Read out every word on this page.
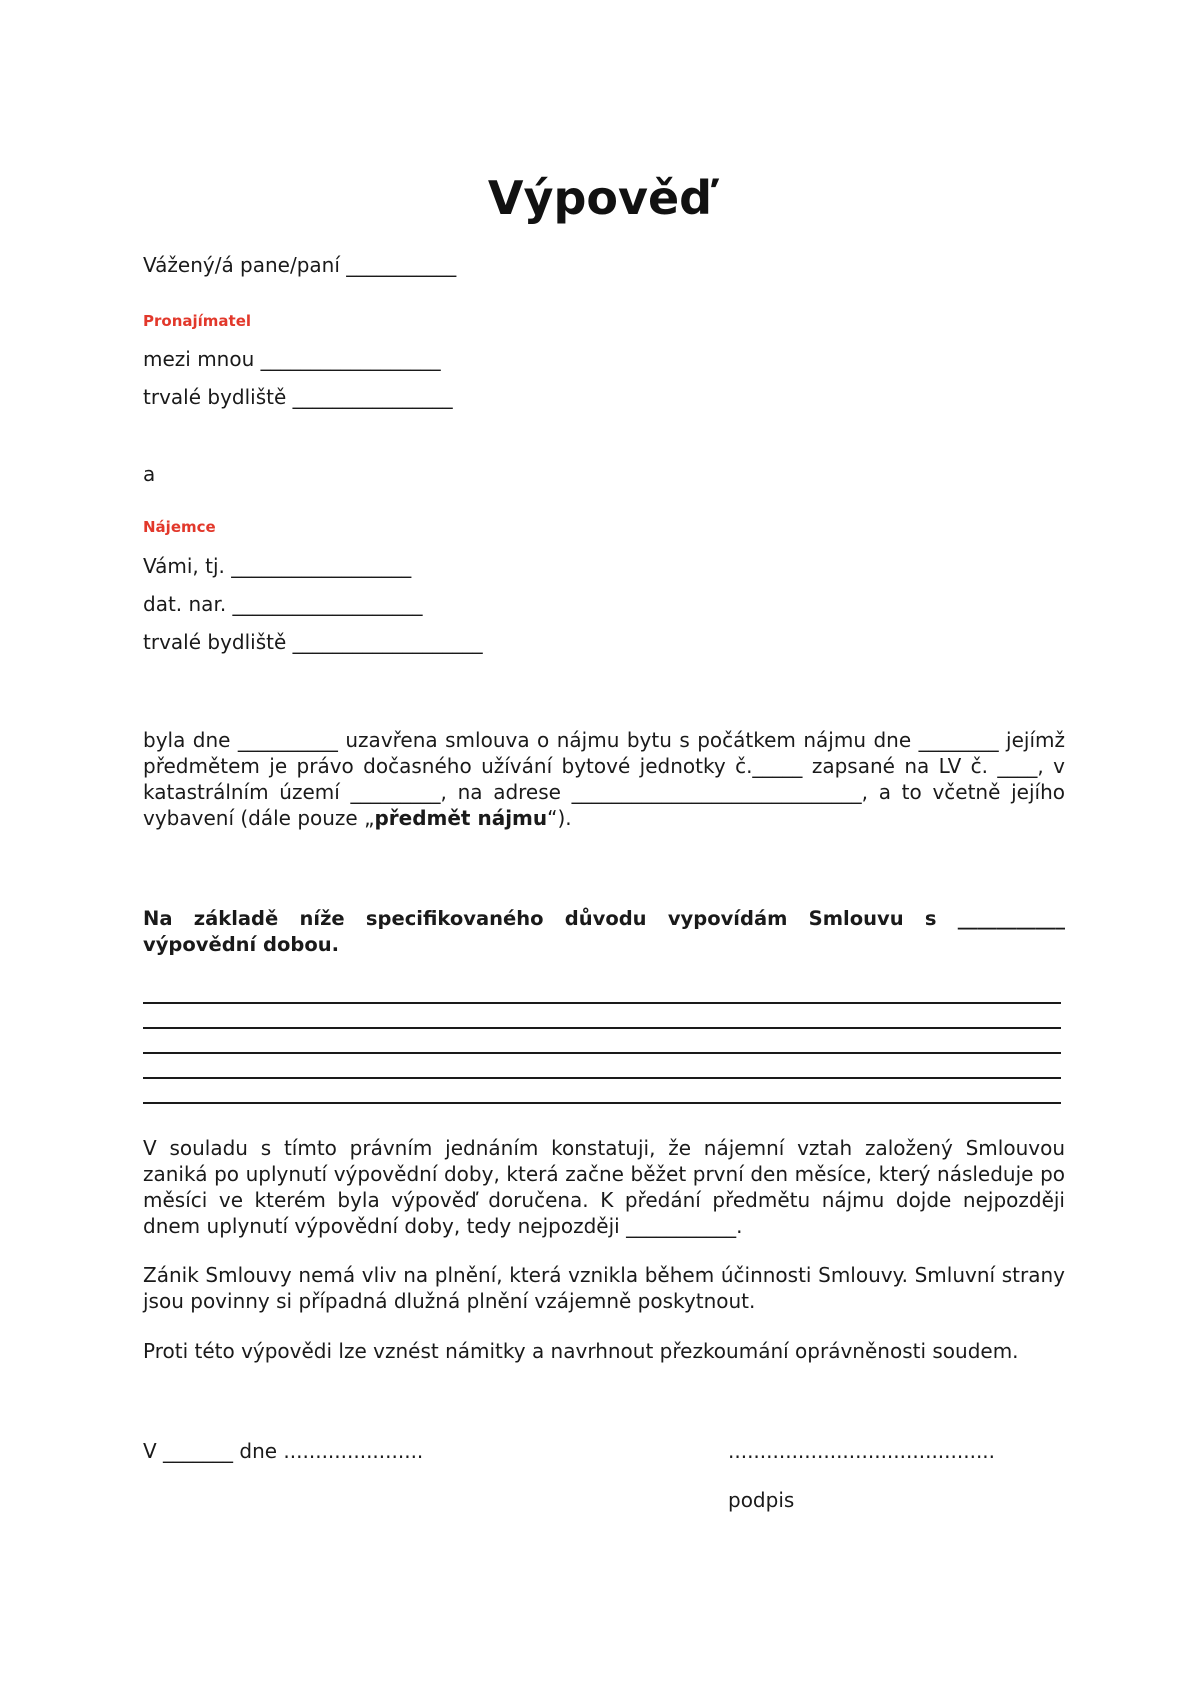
Výpověď
Vážený/á pane/paní ___________
Pronajímatel
mezi mnou __________________
trvalé bydliště ________________
a
Nájemce
Vámi, tj. __________________
dat. nar. ___________________
trvalé bydliště ___________________
byla dne __________ uzavřena smlouva o nájmu bytu s počátkem nájmu dne ________ jejímž předmětem je právo dočasného užívání bytové jednotky č._____ zapsané na LV č. ____, v katastrálním území _________, na adrese _____________________________, a to včetně jejího vybavení (dále pouze „předmět nájmu“).
Na základě níže specifikovaného důvodu vypovídám Smlouvu s ___________ výpovědní dobou.
V souladu s tímto právním jednáním konstatuji, že nájemní vztah založený Smlouvou zaniká po uplynutí výpovědní doby, která začne běžet první den měsíce, který následuje po měsíci ve kterém byla výpověď doručena. K předání předmětu nájmu dojde nejpozději dnem uplynutí výpovědní doby, tedy nejpozději ___________.
Zánik Smlouvy nemá vliv na plnění, která vznikla během účinnosti Smlouvy. Smluvní strany jsou povinny si případná dlužná plnění vzájemně poskytnout.
Proti této výpovědi lze vznést námitky a navrhnout přezkoumání oprávněnosti soudem.
V _______ dne ......................	..........................................
podpis
